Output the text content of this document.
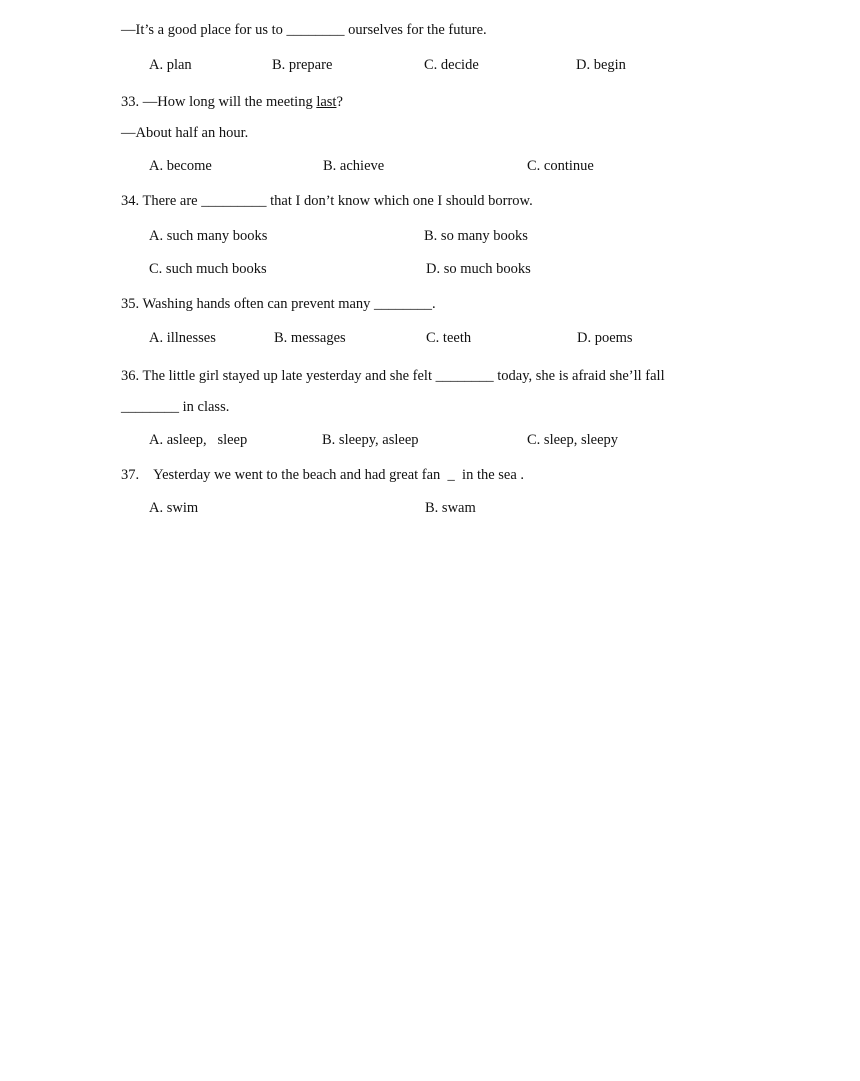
—It’s a good place for us to ________ ourselves for the future.
A. plan	B. prepare	C. decide	D. begin
33. —How long will the meeting last?
—About half an hour.
A. become	B. achieve	C. continue
34. There are _________ that I don’t know which one I should borrow.
A. such many books	B. so many books
C. such much books	D. so much books
35. Washing hands often can prevent many ________.
A. illnesses	B. messages	C. teeth	D. poems
36. The little girl stayed up late yesterday and she felt ________ today, she is afraid she’ll fall
________ in class.
A. asleep,   sleep	B. sleepy, asleep	C. sleep, sleepy
37.    Yesterday we went to the beach and had great fan  _  in the sea .
A. swim	B. swam
